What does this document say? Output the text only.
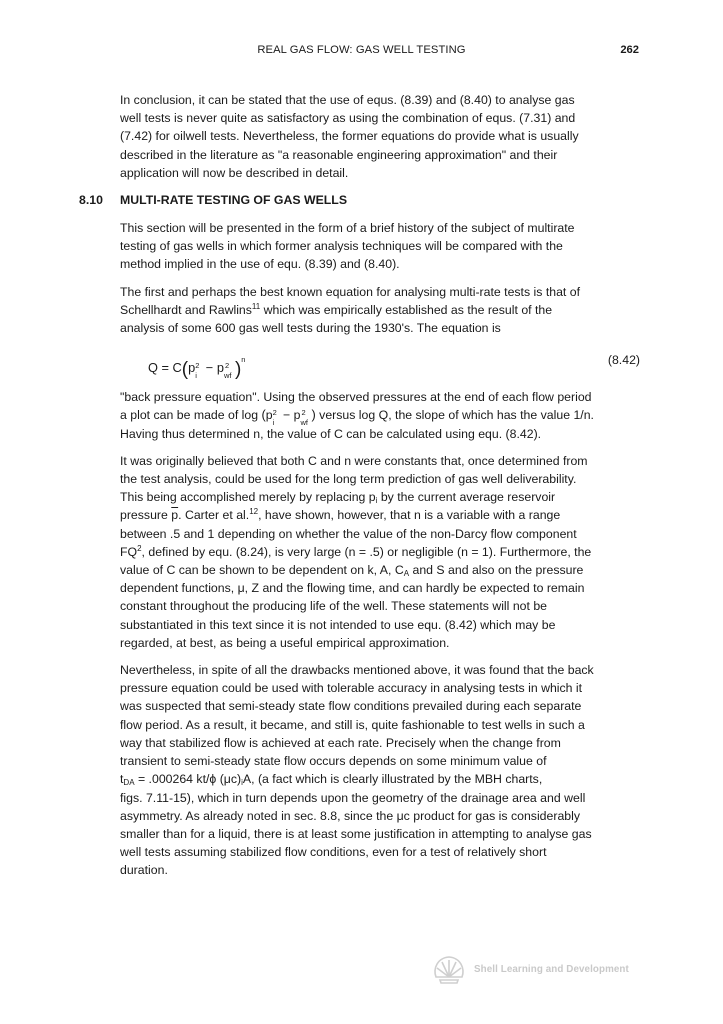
REAL GAS FLOW: GAS WELL TESTING	262

In conclusion, it can be stated that the use of equs. (8.39) and (8.40) to analyse gas
well tests is never quite as satisfactory as using the combination of equs. (7.31) and
(7.42) for oilwell tests. Nevertheless, the former equations do provide what is usually
described in the literature as "a reasonable engineering approximation" and their
application will now be described in detail.

8.10 MULTI-RATE TESTING OF GAS WELLS

This section will be presented in the form of a brief history of the subject of multirate
testing of gas wells in which former analysis techniques will be compared with the
method implied in the use of equ. (8.39) and (8.40).

The first and perhaps the best known equation for analysing multi-rate tests is that of
Schellhardt and Rawlins$^{11}$ which was empirically established as the result of the
analysis of some 600 gas well tests during the 1930's. The equation is

Q = C(p 2
i
− p 2
wf )$^n$	(8.42)

"back pressure equation". Using the observed pressures at the end of each flow period
a plot can be made of log (p 2
i
− p 2
wf
) versus log Q, the slope of which has the value 1/n.
Having thus determined n, the value of C can be calculated using equ. (8.42).

It was originally believed that both C and n were constants that, once determined from
the test analysis, could be used for the long term prediction of gas well deliverability.
This being accomplished merely by replacing $p_i$ by the current average reservoir
pressure $\overline{p}$. Carter et al.$^{12}$, have shown, however, that n is a variable with a range
between .5 and 1 depending on whether the value of the non-Darcy flow component
$FQ^2$, defined by equ. (8.24), is very large (n = .5) or negligible (n = 1). Furthermore, the
value of C can be shown to be dependent on k, A, $C_A$ and S and also on the pressure
dependent functions, μ, Z and the flowing time, and can hardly be expected to remain
constant throughout the producing life of the well. These statements will not be
substantiated in this text since it is not intended to use equ. (8.42) which may be
regarded, at best, as being a useful empirical approximation.

Nevertheless, in spite of all the drawbacks mentioned above, it was found that the back
pressure equation could be used with tolerable accuracy in analysing tests in which it
was suspected that semi-steady state flow conditions prevailed during each separate
flow period. As a result, it became, and still is, quite fashionable to test wells in such a
way that stabilized flow is achieved at each rate. Precisely when the change from
transient to semi-steady state flow occurs depends on some minimum value of
$t_{DA} = .000264$ kt/ϕ $(\mu c)_iA$, (a fact which is clearly illustrated by the MBH charts,
figs. 7.11-15), which in turn depends upon the geometry of the drainage area and well
asymmetry. As already noted in sec. 8.8, since the μc product for gas is considerably
smaller than for a liquid, there is at least some justification in attempting to analyse gas
well tests assuming stabilized flow conditions, even for a test of relatively short
duration.

Shell Learning and Development
